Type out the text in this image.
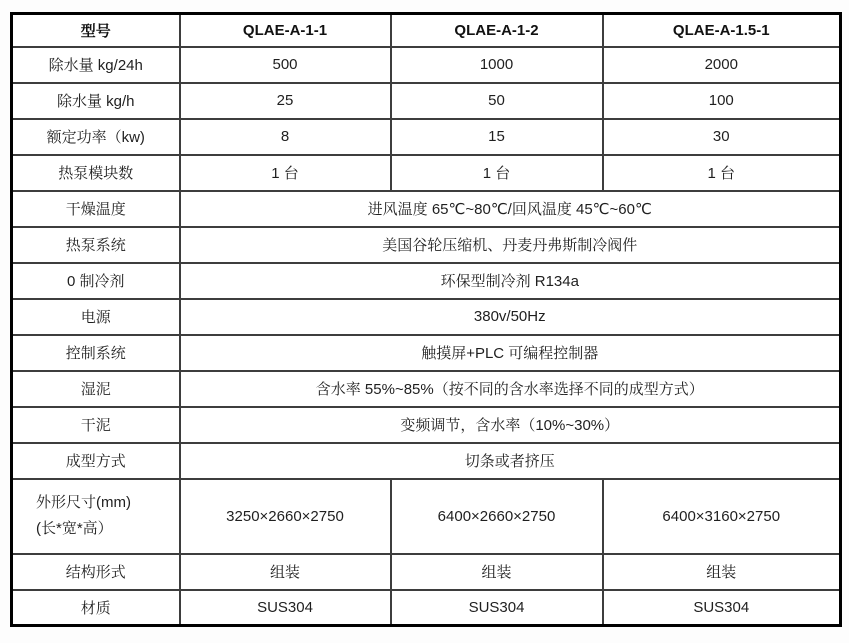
型号	QLAE-A-1-1	QLAE-A-1-2	QLAE-A-1.5-1

除水量 kg/24h	500	1000	2000

除水量 kg/h	25	50	100

额定功率（kw)	8	15	30

热泵模块数	1 台	1 台	1 台

干燥温度	进风温度 65℃~80℃/回风温度 45℃~60℃		

热泵系统	美国谷轮压缩机、丹麦丹弗斯制冷阀件		

0 制冷剂	环保型制冷剂 R134a		

电源	380v/50Hz		

控制系统	触摸屏+PLC 可编程控制器		

湿泥	含水率 55%~85%（按不同的含水率选择不同的成型方式）		

干泥	变频调节，含水率（10%~30%）		

成型方式	切条或者挤压		

外形尺寸(mm)
(长*宽*高）	3250×2660×2750	6400×2660×2750	6400×3160×2750

结构形式	组装	组装	组装

材质	SUS304	SUS304	SUS304
